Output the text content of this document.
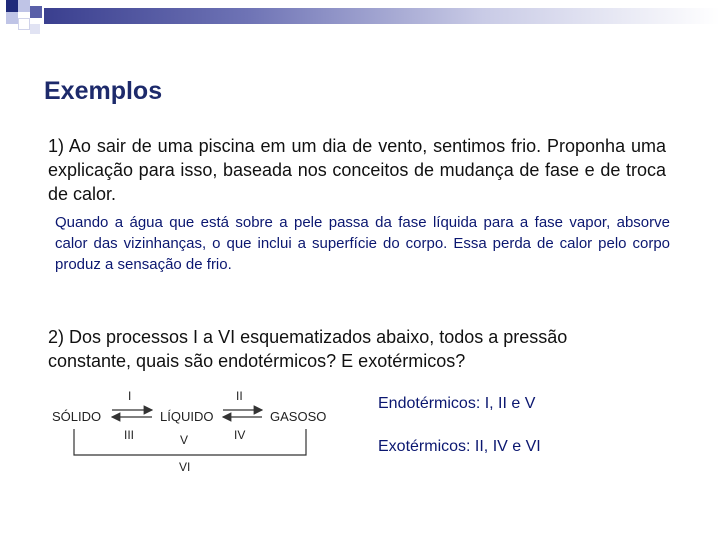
Exemplos
1) Ao sair de uma piscina em um dia de vento, sentimos frio. Proponha uma explicação para isso, baseada nos conceitos de mudança de fase e de troca de calor.
Quando a água que está sobre a pele passa da fase líquida para a fase vapor, absorve calor das vizinhanças, o que inclui a superfície do corpo. Essa perda de calor pelo corpo produz a sensação de frio.
2) Dos processos I a VI esquematizados abaixo, todos a pressão constante, quais são endotérmicos? E exotérmicos?
SÓLIDO	LÍQUIDO	GASOSO
I
III
II
IV
V
VI
Endotérmicos: I, II e V
Exotérmicos: II, IV e VI
